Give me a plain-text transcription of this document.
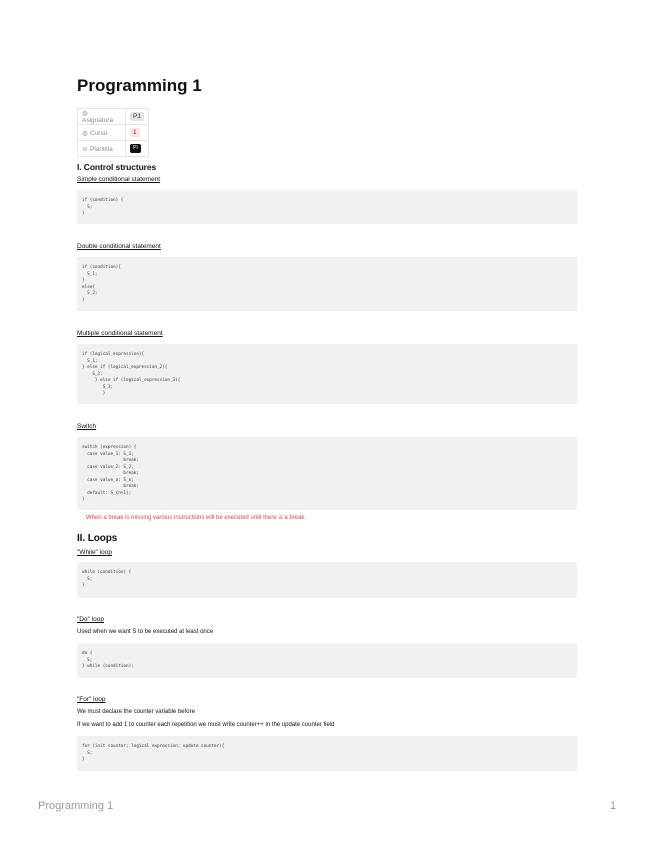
Programming 1
◍Asignatura	P1
◍ Curso	1
⊘ Plantilla	PI
I. Control structures
Simple conditional statement
if (condition) {
S;
}
Double conditional statement
if (condition){
S_1;
}
else{
S_2;
}
Multiple conditional statement
if (logical_expression){
S_1;
} else if (logical_expression_2){
S_2;
} else if (logical_expression_3){
S_3;
}
Switch
switch (expression) {
case value_1: S_1;
break;
case value_2: S_2;
break;
case value_n: S_n;
break;
default: S_{n+1};
}
When a break is missing various instructions will be executed until there is a break.
II. Loops
"While" loop
while (condition) {
S;
}
"Do" loop
Used when we want S to be executed at least once
do {
S;
} while (condition);
"For" loop
We must declare the counter variable before
If we want to add 1 to counter each repetition we must write counter++ in the update counter field
for (init counter; logical expression; update counter){
S;
}
Programming 1	1
